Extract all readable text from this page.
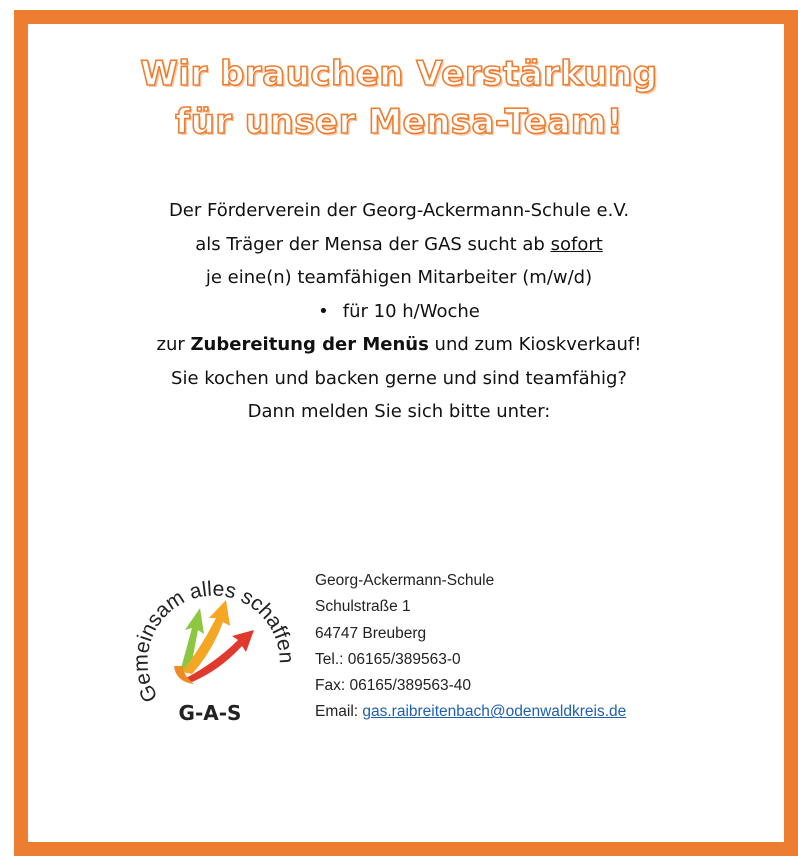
Wir brauchen Verstärkung
für unser Mensa-Team!
Der Förderverein der Georg-Ackermann-Schule e.V.
als Träger der Mensa der GAS sucht ab sofort
je eine(n) teamfähigen Mitarbeiter (m/w/d)
• für 10 h/Woche
zur Zubereitung der Menüs und zum Kioskverkauf!
Sie kochen und backen gerne und sind teamfähig?
Dann melden Sie sich bitte unter:
Gemeinsam alles schaffen
G-A-S
Georg-Ackermann-Schule
Schulstraße 1
64747 Breuberg
Tel.: 06165/389563-0
Fax: 06165/389563-40
Email: gas.raibreitenbach@odenwaldkreis.de
